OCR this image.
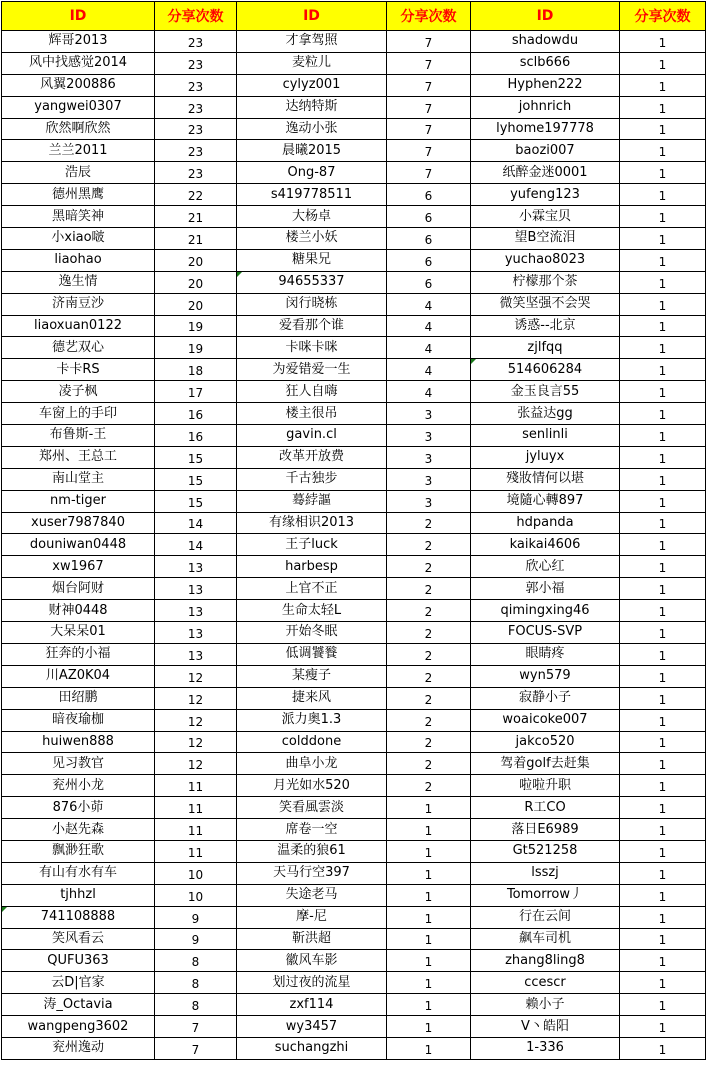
ID	分享次数	ID	分享次数	ID	分享次数
辉哥2013	23	才拿驾照	7	shadowdu	1
风中找感觉2014	23	麦粒儿	7	sclb666	1
风翼200886	23	cylyz001	7	Hyphen222	1
yangwei0307	23	达纳特斯	7	johnrich	1
欣然啊欣然	23	逸动小张	7	lyhome197778	1
兰兰2011	23	晨曦2015	7	baozi007	1
浩辰	23	Ong-87	7	纸醉金迷0001	1
德州黑鹰	22	s419778511	6	yufeng123	1
黑暗笑神	21	大杨卓	6	小霖宝贝	1
小xiao啵	21	楼兰小妖	6	望B空流泪	1
liaohao	20	糖果兄	6	yuchao8023	1
逸生情	20	94655337	6	柠檬那个茶	1
济南豆沙	20	闵行晓栋	4	微笑坚强不会哭	1
liaoxuan0122	19	爱看那个谁	4	诱惑--北京	1
德艺双心	19	卡咪卡咪	4	zjlfqq	1
卡卡RS	18	为爱错爱一生	4	514606284	1
凌子枫	17	狂人自嗨	4	金玉良言55	1
车窗上的手印	16	楼主很吊	3	张益达gg	1
布鲁斯-王	16	gavin.cl	3	senlinli	1
郑州、王总工	15	改革开放费	3	jyluyx	1
南山堂主	15	千古独步	3	殘妝情何以堪	1
nm-tiger	15	蓦綍謳	3	境隨心轉897	1
xuser7987840	14	有缘相识2013	2	hdpanda	1
douniwan0448	14	王子luck	2	kaikai4606	1
xw1967	13	harbesp	2	欣心红	1
烟台阿财	13	上官不正	2	郭小福	1
财神0448	13	生命太轻L	2	qimingxing46	1
大呆呆01	13	开始冬眠	2	FOCUS-SVP	1
狂奔的小福	13	低调饕餮	2	眼睛疼	1
川AZ0K04	12	某瘦子	2	wyn579	1
田绍鹏	12	捷来风	2	寂静小子	1
暗夜瑜枷	12	派力奥1.3	2	woaicoke007	1
huiwen888	12	colddone	2	jakco520	1
见习教官	12	曲阜小龙	2	驾着golf去赶集	1
兖州小龙	11	月光如水520	2	啦啦升职	1
876小茆	11	笑看風雲淡	1	R工CO	1
小赵先森	11	席卷一空	1	落日E6989	1
飘渺狂歌	11	温柔的狼61	1	Gt521258	1
有山有水有车	10	天马行空397	1	lsszj	1
tjhhzl	10	失途老马	1	Tomorrow丿	1
741108888	9	摩-尼	1	行在云间	1
笑风看云	9	靳洪超	1	飙车司机	1
QUFU363	8	徽风车影	1	zhang8ling8	1
云D|官家	8	划过夜的流星	1	ccescr	1
涛_Octavia	8	zxf114	1	赖小子	1
wangpeng3602	7	wy3457	1	V丶皓阳	1
兖州逸动	7	suchangzhi	1	1-336	1
